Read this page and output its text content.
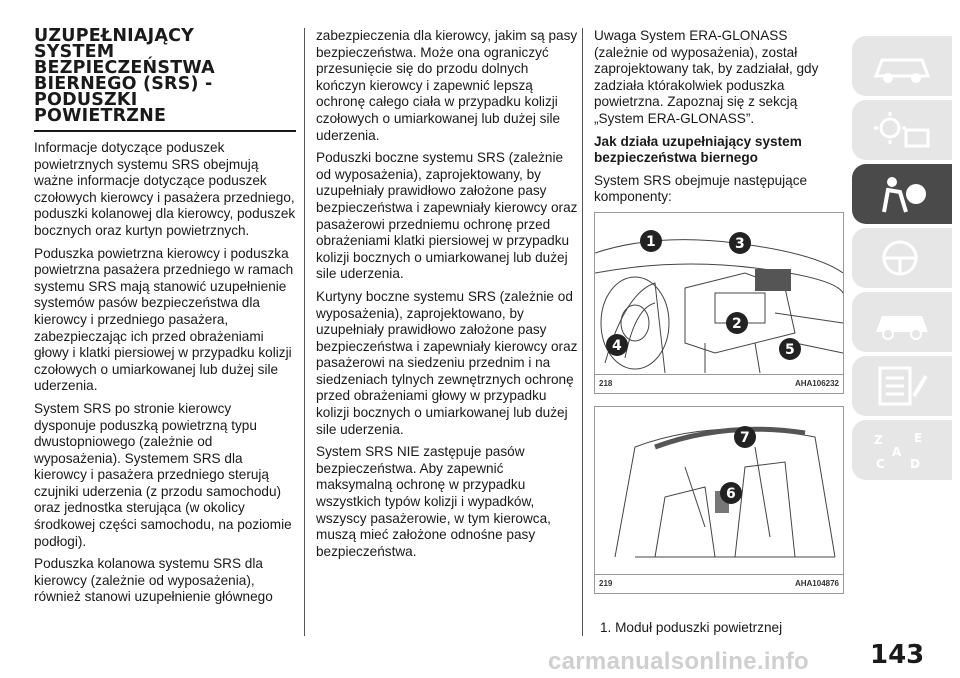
UZUPEŁNIAJĄCY
SYSTEM
BEZPIECZEŃSTWA
BIERNEGO (SRS) -
PODUSZKI
POWIETRZNE

Informacje dotyczące poduszek powietrznych systemu SRS obejmują ważne informacje dotyczące poduszek czołowych kierowcy i pasażera przedniego, poduszki kolanowej dla kierowcy, poduszek bocznych oraz kurtyn powietrznych.

Poduszka powietrzna kierowcy i poduszka powietrzna pasażera przedniego w ramach systemu SRS mają stanowić uzupełnienie systemów pasów bezpieczeństwa dla kierowcy i przedniego pasażera, zabezpieczając ich przed obrażeniami głowy i klatki piersiowej w przypadku kolizji czołowych o umiarkowanej lub dużej sile uderzenia.

System SRS po stronie kierowcy dysponuje poduszką powietrzną typu dwustopniowego (zależnie od wyposażenia). Systemem SRS dla kierowcy i pasażera przedniego sterują czujniki uderzenia (z przodu samochodu) oraz jednostka sterująca (w okolicy środkowej części samochodu, na poziomie podłogi).

Poduszka kolanowa systemu SRS dla kierowcy (zależnie od wyposażenia), również stanowi uzupełnienie głównego

zabezpieczenia dla kierowcy, jakim są pasy bezpieczeństwa. Może ona ograniczyć przesunięcie się do przodu dolnych kończyn kierowcy i zapewnić lepszą ochronę całego ciała w przypadku kolizji czołowych o umiarkowanej lub dużej sile uderzenia.

Poduszki boczne systemu SRS (zależnie od wyposażenia), zaprojektowany, by uzupełniały prawidłowo założone pasy bezpieczeństwa i zapewniały kierowcy oraz pasażerowi przedniemu ochronę przed obrażeniami klatki piersiowej w przypadku kolizji bocznych o umiarkowanej lub dużej sile uderzenia.

Kurtyny boczne systemu SRS (zależnie od wyposażenia), zaprojektowano, by uzupełniały prawidłowo założone pasy bezpieczeństwa i zapewniały kierowcy oraz pasażerowi na siedzeniu przednim i na siedzeniach tylnych zewnętrznych ochronę przed obrażeniami głowy w przypadku kolizji bocznych o umiarkowanej lub dużej sile uderzenia.

System SRS NIE zastępuje pasów bezpieczeństwa. Aby zapewnić maksymalną ochronę w przypadku wszystkich typów kolizji i wypadków, wszyscy pasażerowie, w tym kierowca, muszą mieć założone odnośne pasy bezpieczeństwa.

Uwaga System ERA-GLONASS (zależnie od wyposażenia), został zaprojektowany tak, by zadziałał, gdy zadziała którakolwiek poduszka powietrzna. Zapoznaj się z sekcją „System ERA-GLONASS”.

Jak działa uzupełniający system bezpieczeństwa biernego

System SRS obejmuje następujące komponenty:

1
2
3
4	5
218	AHA106232
7
6
219	AHA104876
1. Moduł poduszki powietrznej
Z	E
A
C D
carmanualsonline.info 143
